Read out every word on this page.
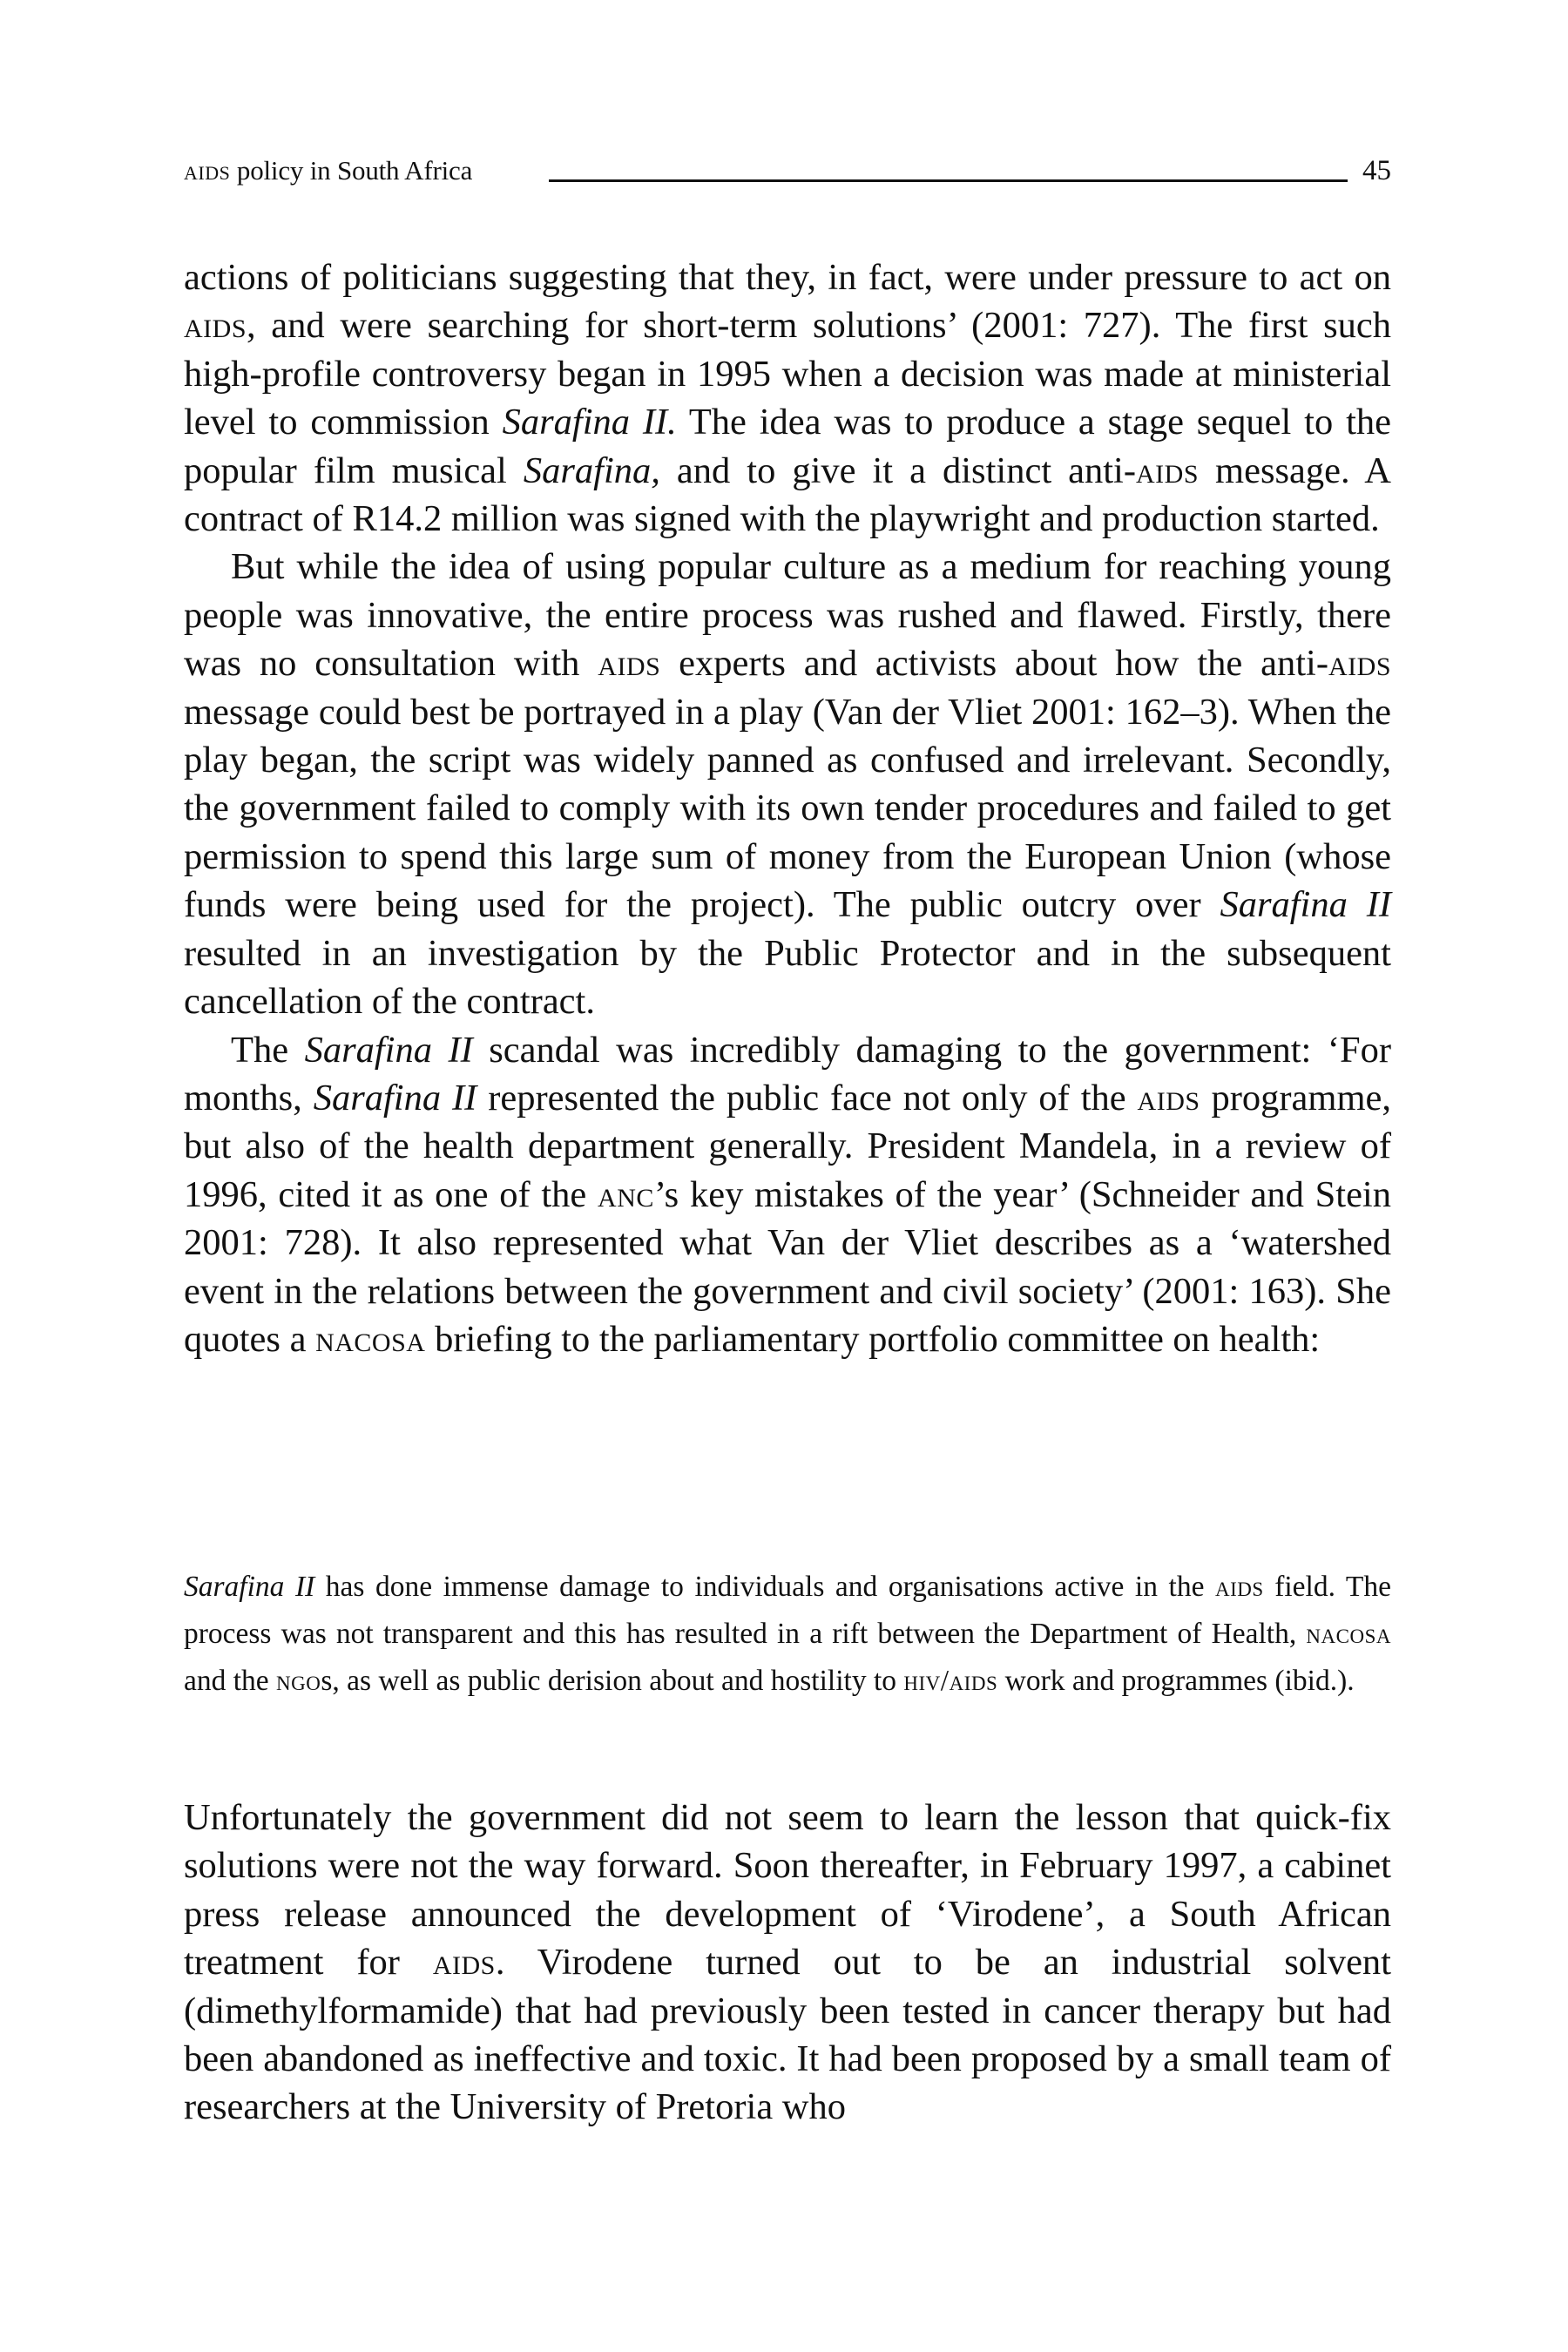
aids policy in South Africa	45

actions of politicians suggesting that they, in fact, were under pressure to act on aids, and were searching for short-term solutions’ (2001: 727). The first such high-profile controversy began in 1995 when a decision was made at ministerial level to commission Sarafina II. The idea was to produce a stage sequel to the popular film musical Sarafina, and to give it a distinct anti-aids message. A contract of R14.2 million was signed with the playwright and production started.

But while the idea of using popular culture as a medium for reaching young people was innovative, the entire process was rushed and flawed. Firstly, there was no consultation with aids experts and activists about how the anti-aids message could best be portrayed in a play (Van der Vliet 2001: 162–3). When the play began, the script was widely panned as confused and irrelevant. Secondly, the government failed to comply with its own tender procedures and failed to get permission to spend this large sum of money from the European Union (whose funds were being used for the project). The public outcry over Sarafina II resulted in an investigation by the Public Protector and in the subsequent cancellation of the contract.

The Sarafina II scandal was incredibly damaging to the government: ‘For months, Sarafina II represented the public face not only of the aids programme, but also of the health department generally. President Mandela, in a review of 1996, cited it as one of the anc’s key mistakes of the year’ (Schneider and Stein 2001: 728). It also represented what Van der Vliet describes as a ‘watershed event in the relations between the government and civil society’ (2001: 163). She quotes a nacosa briefing to the parliamentary portfolio committee on health:

Sarafina II has done immense damage to individuals and organisations active in the aids field. The process was not transparent and this has resulted in a rift between the Department of Health, nacosa and the ngos, as well as public derision about and hostility to hiv/aids work and programmes (ibid.).

Unfortunately the government did not seem to learn the lesson that quick-fix solutions were not the way forward. Soon thereafter, in February 1997, a cabinet press release announced the development of ‘Virodene’, a South African treatment for aids. Virodene turned out to be an industrial solvent (dimethylformamide) that had previously been tested in cancer therapy but had been abandoned as ineffective and toxic. It had been proposed by a small team of researchers at the University of Pretoria who
